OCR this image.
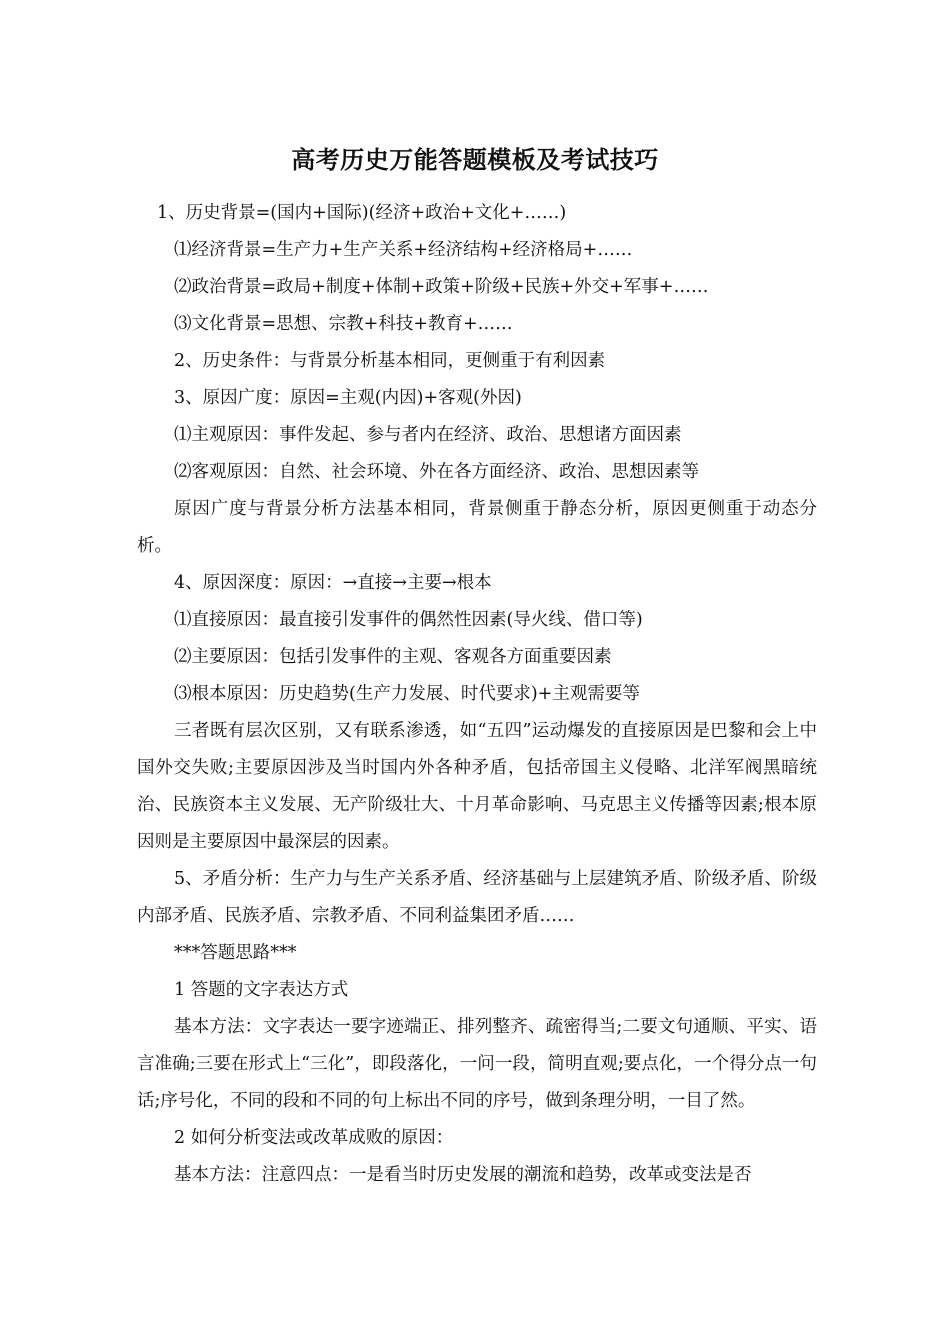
高考历史万能答题模板及考试技巧

1、历史背景=(国内+国际)(经济+政治+文化+……)

⑴经济背景=生产力+生产关系+经济结构+经济格局+……

⑵政治背景=政局+制度+体制+政策+阶级+民族+外交+军事+……

⑶文化背景=思想、宗教+科技+教育+……

2、历史条件：与背景分析基本相同，更侧重于有利因素

3、原因广度：原因=主观(内因)+客观(外因)

⑴主观原因：事件发起、参与者内在经济、政治、思想诸方面因素

⑵客观原因：自然、社会环境、外在各方面经济、政治、思想因素等

原因广度与背景分析方法基本相同，背景侧重于静态分析，原因更侧重于动态分析。

4、原因深度：原因：→直接→主要→根本

⑴直接原因：最直接引发事件的偶然性因素(导火线、借口等)

⑵主要原因：包括引发事件的主观、客观各方面重要因素

⑶根本原因：历史趋势(生产力发展、时代要求)+主观需要等

三者既有层次区别，又有联系渗透，如“五四”运动爆发的直接原因是巴黎和会上中国外交失败;主要原因涉及当时国内外各种矛盾，包括帝国主义侵略、北洋军阀黑暗统治、民族资本主义发展、无产阶级壮大、十月革命影响、马克思主义传播等因素;根本原因则是主要原因中最深层的因素。

5、矛盾分析：生产力与生产关系矛盾、经济基础与上层建筑矛盾、阶级矛盾、阶级内部矛盾、民族矛盾、宗教矛盾、不同利益集团矛盾……

***答题思路***

1 答题的文字表达方式

基本方法：文字表达一要字迹端正、排列整齐、疏密得当;二要文句通顺、平实、语言准确;三要在形式上“三化”，即段落化，一问一段，简明直观;要点化，一个得分点一句话;序号化，不同的段和不同的句上标出不同的序号，做到条理分明，一目了然。

2 如何分析变法或改革成败的原因：

基本方法：注意四点：一是看当时历史发展的潮流和趋势，改革或变法是否
